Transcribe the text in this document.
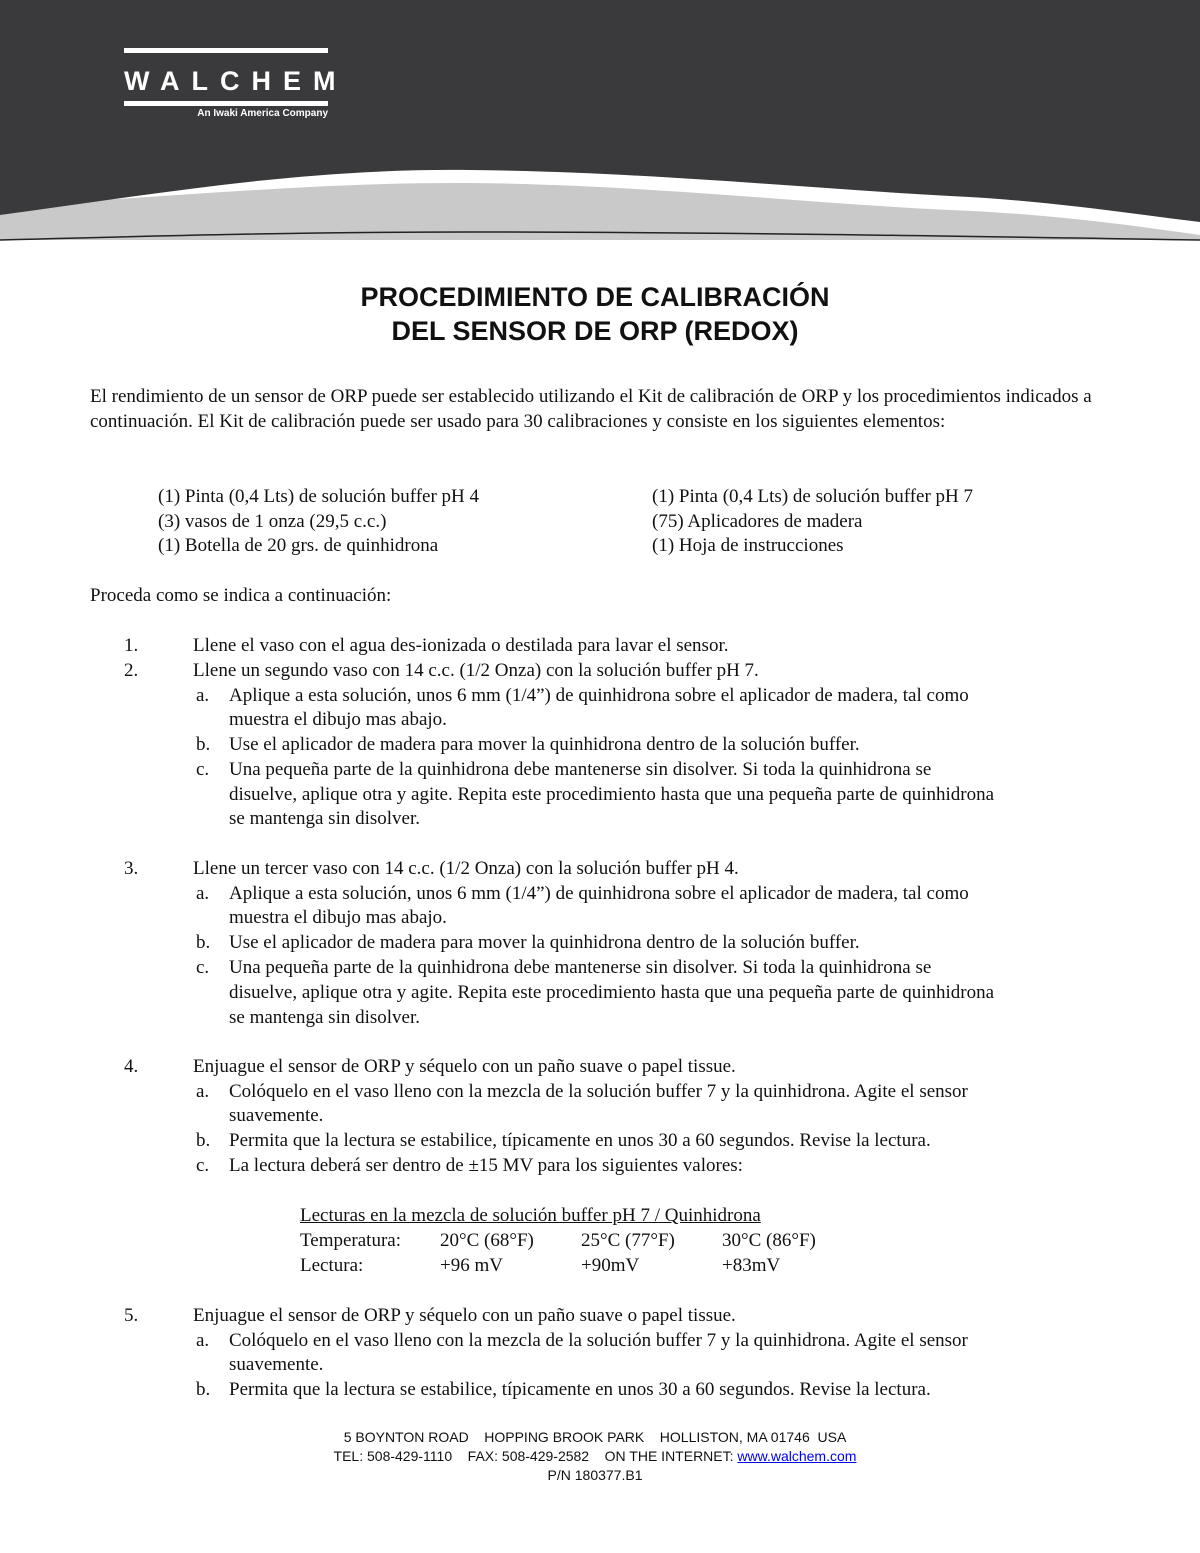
WALCHEM
An Iwaki America Company
PROCEDIMIENTO DE CALIBRACIÓN
DEL SENSOR DE ORP (REDOX)
El rendimiento de un sensor de ORP puede ser establecido utilizando el Kit de calibración de ORP y los procedimientos indicados a continuación. El Kit de calibración puede ser usado para 30 calibraciones y consiste en los siguientes elementos:
(1) Pinta (0,4 Lts) de solución buffer pH 4
(3) vasos de 1 onza (29,5 c.c.)
(1) Botella de 20 grs. de quinhidrona
(1) Pinta (0,4 Lts) de solución buffer pH 7
(75) Aplicadores de madera
(1) Hoja de instrucciones
Proceda como se indica a continuación:
1.	Llene el vaso con el agua des-ionizada o destilada para lavar el sensor.
2.	Llene un segundo vaso con 14 c.c. (1/2 Onza) con la solución buffer pH 7.
a. Aplique a esta solución, unos 6 mm (1/4”) de quinhidrona sobre el aplicador de madera, tal como
muestra el dibujo mas abajo.
b. Use el aplicador de madera para mover la quinhidrona dentro de la solución buffer.
c. Una pequeña parte de la quinhidrona debe mantenerse sin disolver. Si toda la quinhidrona se
disuelve, aplique otra y agite. Repita este procedimiento hasta que una pequeña parte de quinhidrona
se mantenga sin disolver.
3.	Llene un tercer vaso con 14 c.c. (1/2 Onza) con la solución buffer pH 4.
a. Aplique a esta solución, unos 6 mm (1/4”) de quinhidrona sobre el aplicador de madera, tal como
muestra el dibujo mas abajo.
b. Use el aplicador de madera para mover la quinhidrona dentro de la solución buffer.
c. Una pequeña parte de la quinhidrona debe mantenerse sin disolver. Si toda la quinhidrona se
disuelve, aplique otra y agite. Repita este procedimiento hasta que una pequeña parte de quinhidrona
se mantenga sin disolver.
4.	Enjuague el sensor de ORP y séquelo con un paño suave o papel tissue.
a. Colóquelo en el vaso lleno con la mezcla de la solución buffer 7 y la quinhidrona. Agite el sensor
suavemente.
b. Permita que la lectura se estabilice, típicamente en unos 30 a 60 segundos. Revise la lectura.
c. La lectura deberá ser dentro de ±15 MV para los siguientes valores:
Lecturas en la mezcla de solución buffer pH 7 / Quinhidrona
Temperatura: 20°C (68°F) 25°C (77°F) 30°C (86°F)
Lectura:	+96 mV	+90mV	+83mV
5.	Enjuague el sensor de ORP y séquelo con un paño suave o papel tissue.
a. Colóquelo en el vaso lleno con la mezcla de la solución buffer 7 y la quinhidrona. Agite el sensor
suavemente.
b. Permita que la lectura se estabilice, típicamente en unos 30 a 60 segundos. Revise la lectura.
5 BOYNTON ROAD    HOPPING BROOK PARK    HOLLISTON, MA 01746  USA
TEL: 508-429-1110    FAX: 508-429-2582    ON THE INTERNET: www.walchem.com
P/N 180377.B1
